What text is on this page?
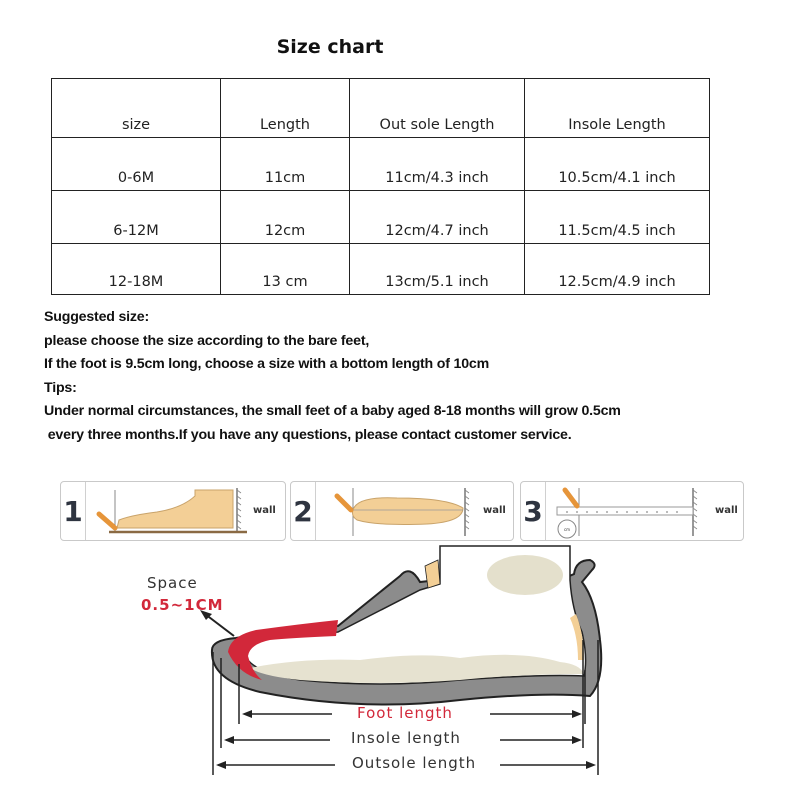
Size chart
size	Length	Out sole Length	Insole Length
0-6M	11cm	11cm/4.3 inch	10.5cm/4.1 inch
6-12M	12cm	12cm/4.7 inch	11.5cm/4.5 inch
12-18M	13 cm	13cm/5.1 inch	12.5cm/4.9 inch
Suggested size:
please choose the size according to the bare feet,
If the foot is 9.5cm long, choose a size with a bottom length of 10cm
Tips:
Under normal circumstances, the small feet of a baby aged 8-18 months will grow 0.5cm
every three months.If you have any questions, please contact customer service.
1	wall 2	wall 3
cm
wall
Space
0.5~1CM
Foot length
Insole length
Outsole length
